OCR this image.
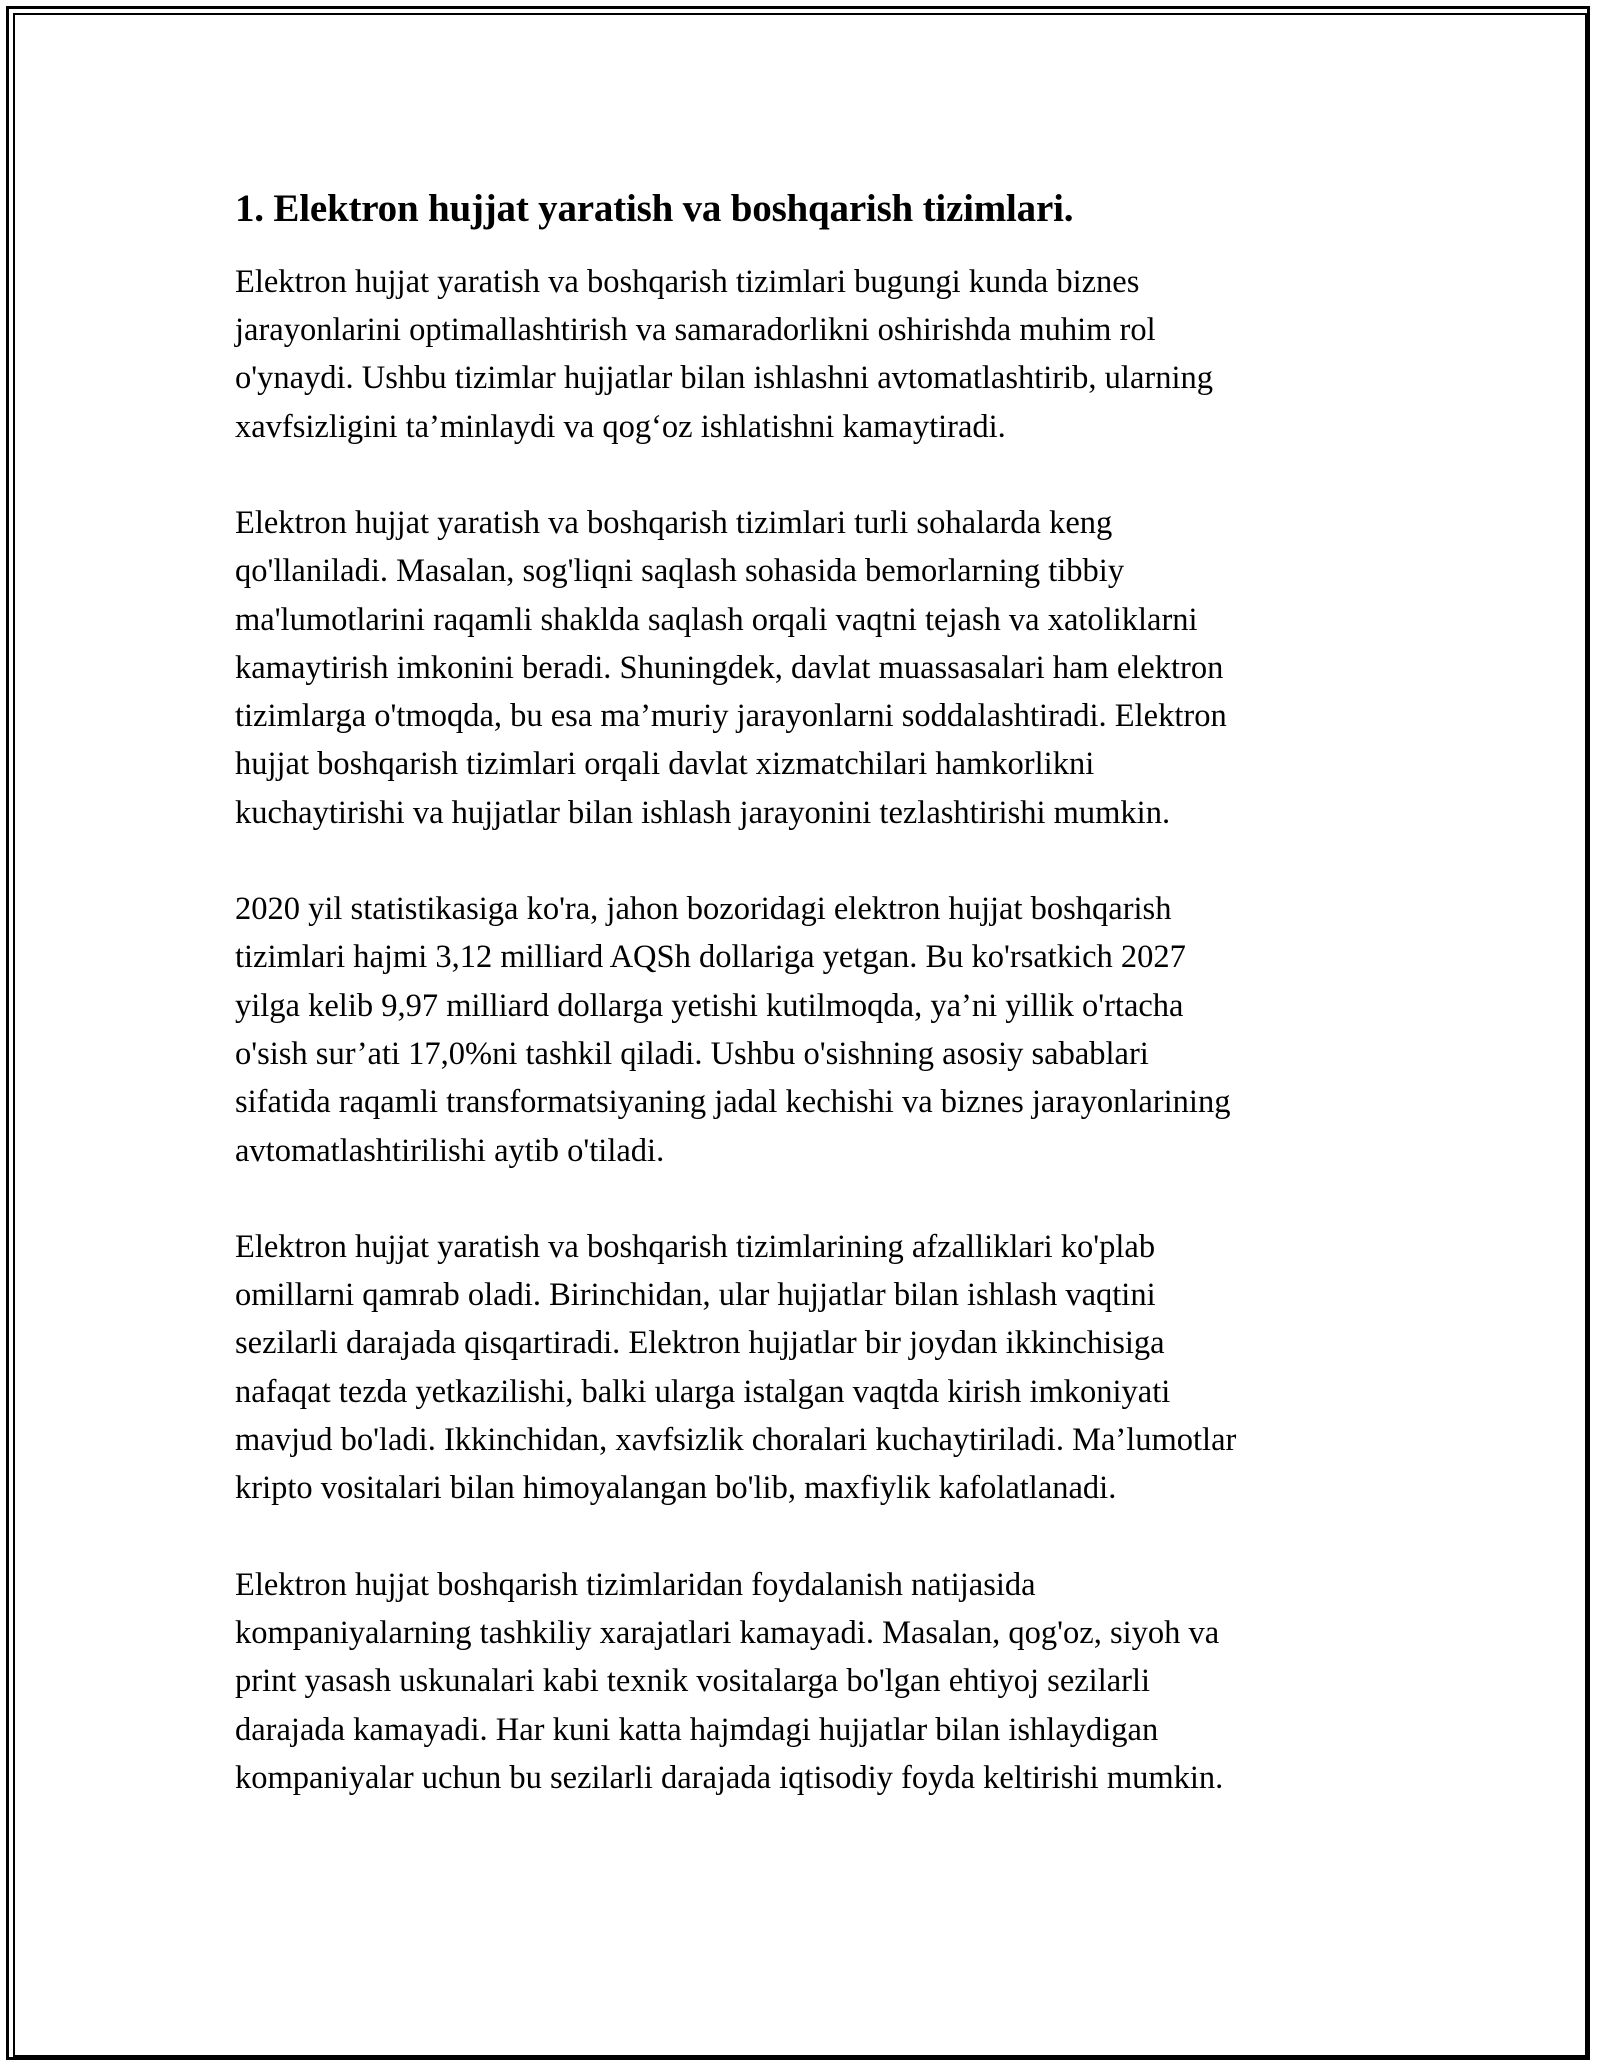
1. Elektron hujjat yaratish va boshqarish tizimlari.

Elektron hujjat yaratish va boshqarish tizimlari bugungi kunda biznes
jarayonlarini optimallashtirish va samaradorlikni oshirishda muhim rol
o'ynaydi. Ushbu tizimlar hujjatlar bilan ishlashni avtomatlashtirib, ularning
xavfsizligini ta’minlaydi va qog‘oz ishlatishni kamaytiradi.

Elektron hujjat yaratish va boshqarish tizimlari turli sohalarda keng
qo'llaniladi. Masalan, sog'liqni saqlash sohasida bemorlarning tibbiy
ma'lumotlarini raqamli shaklda saqlash orqali vaqtni tejash va xatoliklarni
kamaytirish imkonini beradi. Shuningdek, davlat muassasalari ham elektron
tizimlarga o'tmoqda, bu esa ma’muriy jarayonlarni soddalashtiradi. Elektron
hujjat boshqarish tizimlari orqali davlat xizmatchilari hamkorlikni
kuchaytirishi va hujjatlar bilan ishlash jarayonini tezlashtirishi mumkin.

2020 yil statistikasiga ko'ra, jahon bozoridagi elektron hujjat boshqarish
tizimlari hajmi 3,12 milliard AQSh dollariga yetgan. Bu ko'rsatkich 2027
yilga kelib 9,97 milliard dollarga yetishi kutilmoqda, ya’ni yillik o'rtacha
o'sish sur’ati 17,0%ni tashkil qiladi. Ushbu o'sishning asosiy sabablari
sifatida raqamli transformatsiyaning jadal kechishi va biznes jarayonlarining
avtomatlashtirilishi aytib o'tiladi.

Elektron hujjat yaratish va boshqarish tizimlarining afzalliklari ko'plab
omillarni qamrab oladi. Birinchidan, ular hujjatlar bilan ishlash vaqtini
sezilarli darajada qisqartiradi. Elektron hujjatlar bir joydan ikkinchisiga
nafaqat tezda yetkazilishi, balki ularga istalgan vaqtda kirish imkoniyati
mavjud bo'ladi. Ikkinchidan, xavfsizlik choralari kuchaytiriladi. Ma’lumotlar
kripto vositalari bilan himoyalangan bo'lib, maxfiylik kafolatlanadi.

Elektron hujjat boshqarish tizimlaridan foydalanish natijasida
kompaniyalarning tashkiliy xarajatlari kamayadi. Masalan, qog'oz, siyoh va
print yasash uskunalari kabi texnik vositalarga bo'lgan ehtiyoj sezilarli
darajada kamayadi. Har kuni katta hajmdagi hujjatlar bilan ishlaydigan
kompaniyalar uchun bu sezilarli darajada iqtisodiy foyda keltirishi mumkin.
